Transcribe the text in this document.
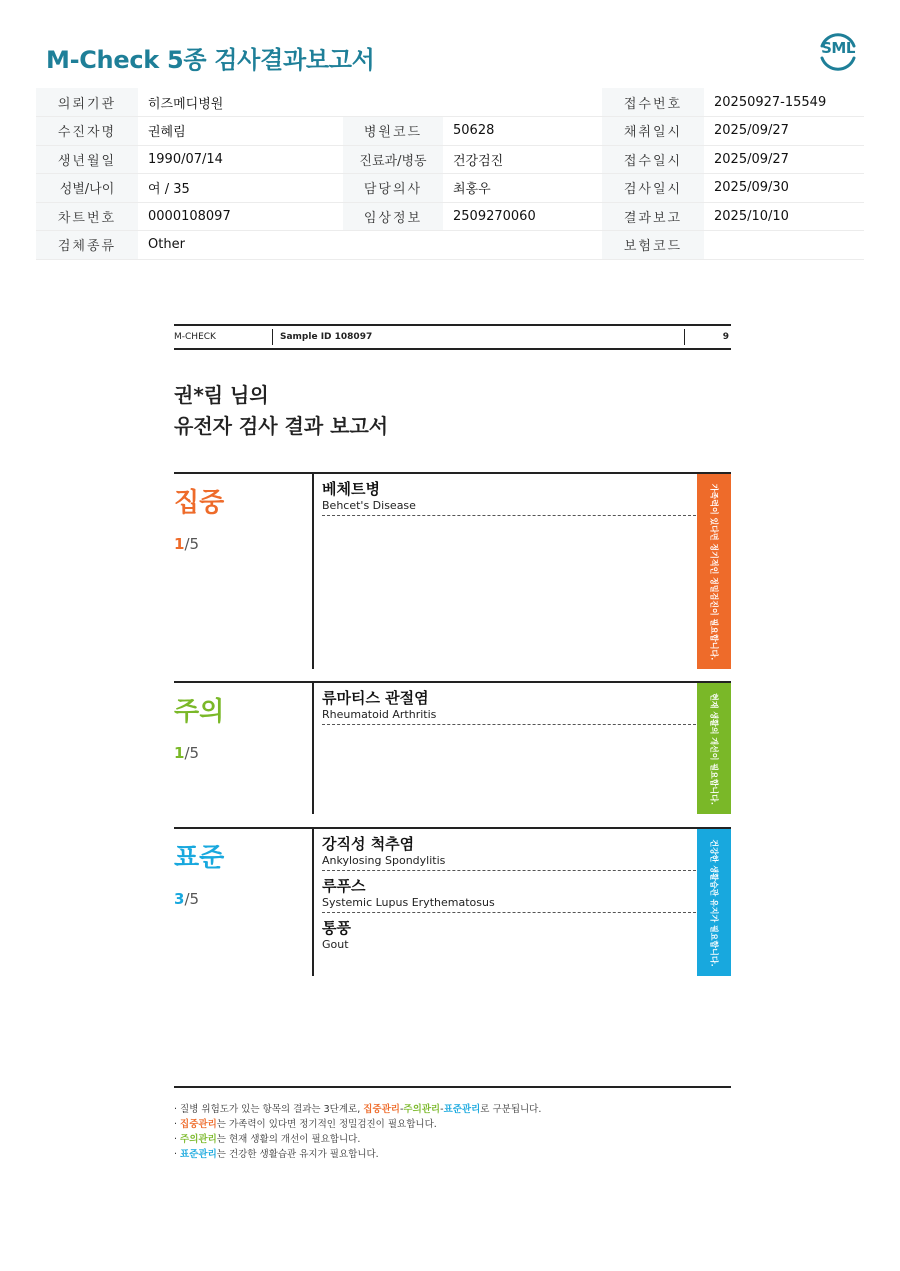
M-Check 5종 검사결과보고서	SML
의뢰기관	히즈메디병원			접수번호	20250927-15549
수진자명	권혜림	병원코드	50628	채취일시	2025/09/27
생년월일	1990/07/14	진료과/병동	건강검진	접수일시	2025/09/27
성별/나이	여 / 35	담당의사	최홍우	검사일시	2025/09/30
차트번호	0000108097	임상정보	2509270060	결과보고	2025/10/10
검체종류	Other			보험코드	
M-CHECK	Sample ID 108097	9
권*림 님의
유전자 검사 결과 보고서
집중
1/5
베체트병
Behcet's Disease	가족력이 있다면 정기적인 정밀검진이 필요합니다.
주의
1/5
류마티스 관절염
Rheumatoid Arthritis	현재 생활의 개선이 필요합니다.
표준
3/5
강직성 척추염
Ankylosing Spondylitis
루푸스
Systemic Lupus Erythematosus
통풍
Gout	건강한 생활습관 유지가 필요합니다.
· 질병 위험도가 있는 항목의 결과는 3단계로, 집중관리-주의관리-표준관리로 구분됩니다.
· 집중관리는 가족력이 있다면 정기적인 정밀검진이 필요합니다.
· 주의관리는 현재 생활의 개선이 필요합니다.
· 표준관리는 건강한 생활습관 유지가 필요합니다.
